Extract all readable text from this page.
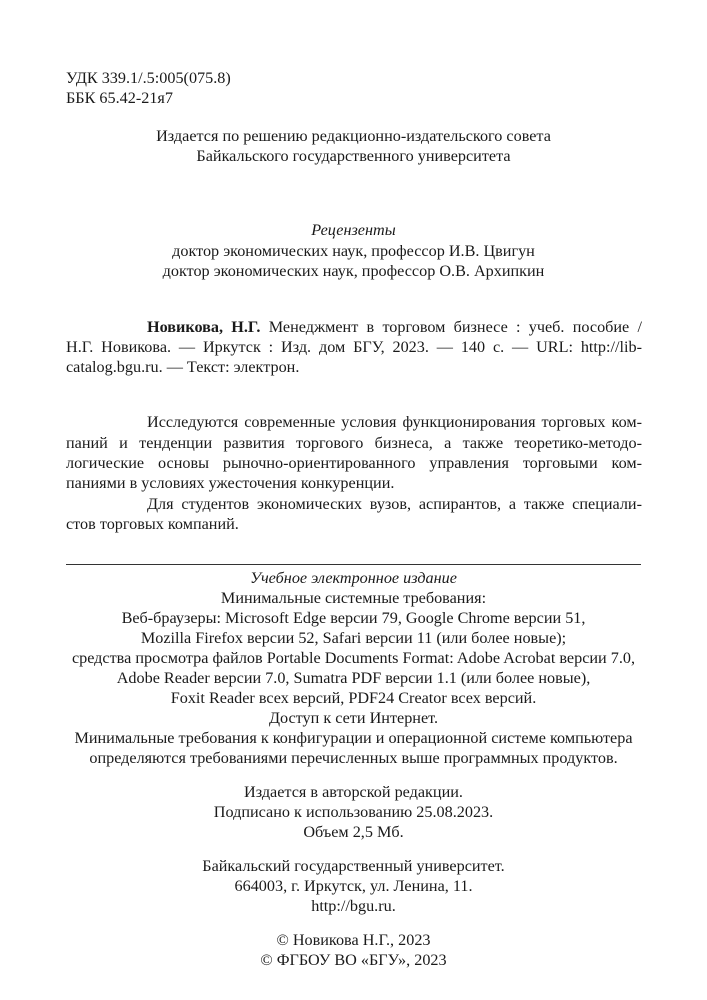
УДК 339.1/.5:005(075.8)
ББК 65.42-21я7
Издается по решению редакционно-издательского совета
Байкальского государственного университета
Рецензенты
доктор экономических наук, профессор И.В. Цвигун
доктор экономических наук, профессор О.В. Архипкин
Новикова, Н.Г. Менеджмент в торговом бизнесе : учеб. пособие /
Н.Г. Новикова. — Иркутск : Изд. дом БГУ, 2023. — 140 с. — URL: http://lib-
catalog.bgu.ru. — Текст: электрон.
Исследуются современные условия функционирования торговых ком-
паний и тенденции развития торгового бизнеса, а также теоретико-методо-
логические основы рыночно-ориентированного управления торговыми ком-
паниями в условиях ужесточения конкуренции.
Для студентов экономических вузов, аспирантов, а также специали-
стов торговых компаний.
Учебное электронное издание
Минимальные системные требования:
Веб-браузеры: Microsoft Edge версии 79, Google Chrome версии 51,
Mozilla Firefox версии 52, Safari версии 11 (или более новые);
средства просмотра файлов Portable Documents Format: Adobe Acrobat версии 7.0,
Adobe Reader версии 7.0, Sumatra PDF версии 1.1 (или более новые),
Foxit Reader всех версий, PDF24 Creator всех версий.
Доступ к сети Интернет.
Минимальные требования к конфигурации и операционной системе компьютера
определяются требованиями перечисленных выше программных продуктов.
Издается в авторской редакции.
Подписано к использованию 25.08.2023.
Объем 2,5 Мб.
Байкальский государственный университет.
664003, г. Иркутск, ул. Ленина, 11.
http://bgu.ru.
© Новикова Н.Г., 2023
© ФГБОУ ВО «БГУ», 2023
